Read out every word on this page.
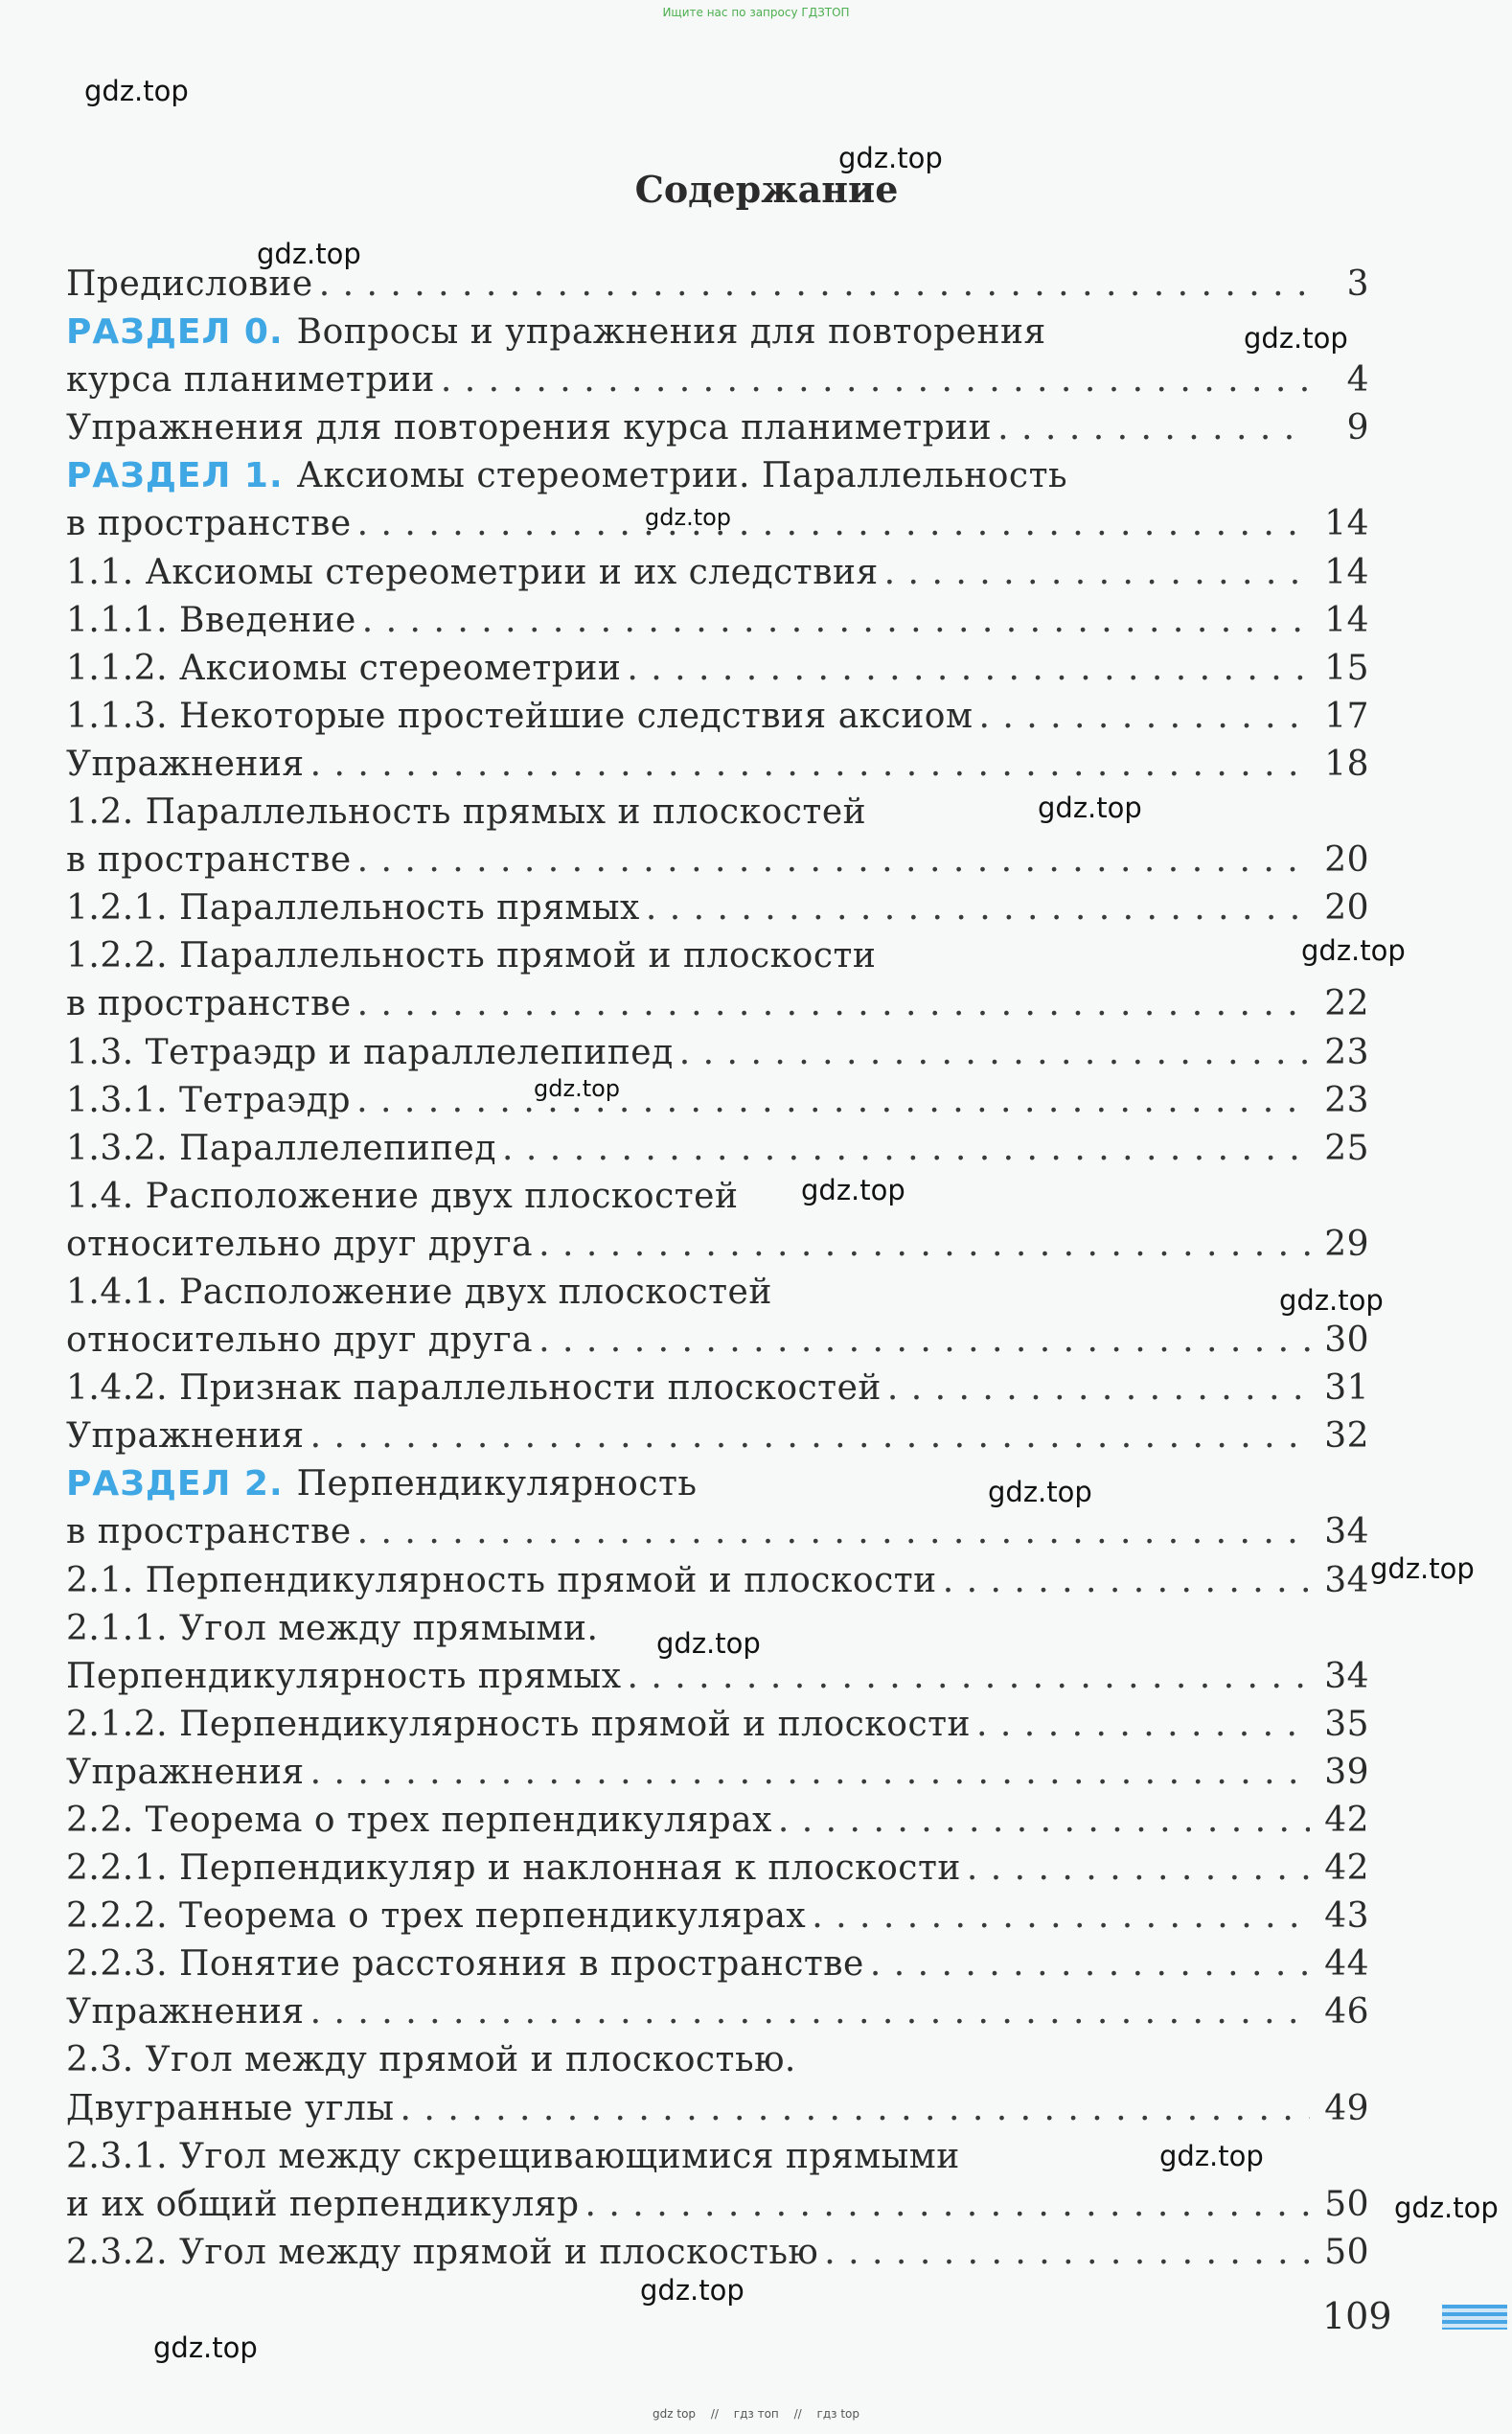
Ищите нас по запросу ГДЗТОП
Содержание
Предисловие . . .	3
РАЗДЕЛ 0. Вопросы и упражнения для повторения
курса планиметрии . . .	4
Упражнения для повторения курса планиметрии . . .	9
РАЗДЕЛ 1. Аксиомы стереометрии. Параллельность
в пространстве . . .	14
1.1. Аксиомы стереометрии и их следствия . . .	14
1.1.1. Введение . . .	14
1.1.2. Аксиомы стереометрии . . .	15
1.1.3. Некоторые простейшие следствия аксиом . . .	17
Упражнения . . .	18
1.2. Параллельность прямых и плоскостей
в пространстве . . .	20
1.2.1. Параллельность прямых . . .	20
1.2.2. Параллельность прямой и плоскости
в пространстве . . .	22
1.3. Тетраэдр и параллелепипед . . .	23
1.3.1. Тетраэдр . . .	23
1.3.2. Параллелепипед . . .	25
1.4. Расположение двух плоскостей
относительно друг друга . . .	29
1.4.1. Расположение двух плоскостей
относительно друг друга . . .	30
1.4.2. Признак параллельности плоскостей . . .	31
Упражнения . . .	32
РАЗДЕЛ 2. Перпендикулярность
в пространстве . . .	34
2.1. Перпендикулярность прямой и плоскости . . .	34
2.1.1. Угол между прямыми.
Перпендикулярность прямых . . .	34
2.1.2. Перпендикулярность прямой и плоскости . . .	35
Упражнения . . .	39
2.2. Теорема о трех перпендикулярах . . .	42
2.2.1. Перпендикуляр и наклонная к плоскости . . .	42
2.2.2. Теорема о трех перпендикулярах . . .	43
2.2.3. Понятие расстояния в пространстве . . .	44
Упражнения . . .	46
2.3. Угол между прямой и плоскостью.
Двугранные углы . . .	49
2.3.1. Угол между скрещивающимися прямыми
и их общий перпендикуляр . . .	50
2.3.2. Угол между прямой и плоскостью . . .	50
109
gdz.top
gdz.top
gdz.top
gdz.top
gdz.top
gdz.top
gdz.top
gdz.top
gdz.top
gdz.top
gdz.top
gdz.top
gdz.top
gdz.top
gdz.top
gdz.top
gdz.top
gdz top // гдз топ // гдз top
